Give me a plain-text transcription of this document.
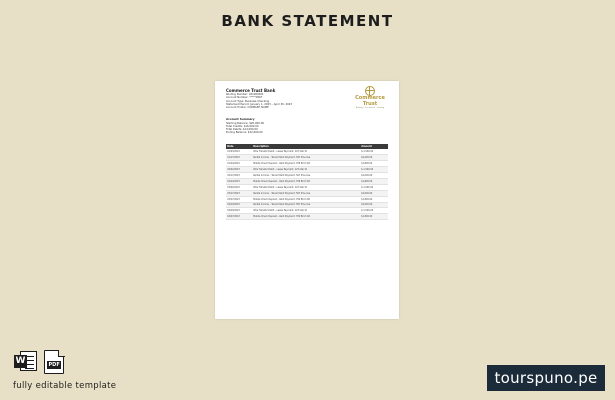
BANK STATEMENT
Commerce Trust Bank
Routing Number: 021000021
Account Number: *****4567
Account Type: Business Checking
Statement Period: January 1, 2023 – April 30, 2023
Account Holder: COMPANY NAME
Commerce
Trust
Banking · Investment · Lending
Account Summary
Starting Balance: $20,000.00
Total Credits: $16,000.00
Total Debits: $14,000.00
Ending Balance: $22,000.00
Date	Description	Amount
01/03/2023	Wire Transfer Debit – Lease Payment: 123 Oak St	$-1,500.00
01/17/2023	Rental Income – Tenant Rent Payment: 567 Pine Ave	$2,000.00
01/24/2023	Mobile Check Deposit – Rent Payment: 789 Birch Rd	$1,800.00
02/02/2023	Wire Transfer Debit – Lease Payment: 123 Oak St	$-1,500.00
02/17/2023	Rental Income – Tenant Rent Payment: 567 Pine Ave	$2,000.00
02/24/2023	Mobile Check Deposit – Rent Payment: 789 Birch Rd	$1,800.00
03/02/2023	Wire Transfer Debit – Lease Payment: 123 Oak St	$-1,500.00
03/17/2023	Rental Income – Tenant Rent Payment: 567 Pine Ave	$2,000.00
03/27/2023	Mobile Check Deposit – Rent Payment: 789 Birch Rd	$1,800.00
04/10/2023	Rental Income – Tenant Rent Payment: 567 Pine Ave	$2,000.00
04/20/2023	Wire Transfer Debit – Lease Payment: 123 Oak St	$-1,500.00
04/27/2023	Mobile Check Deposit – Rent Payment: 789 Birch Rd	$1,800.00
W	PDF
fully editable template	tourspuno.pe
